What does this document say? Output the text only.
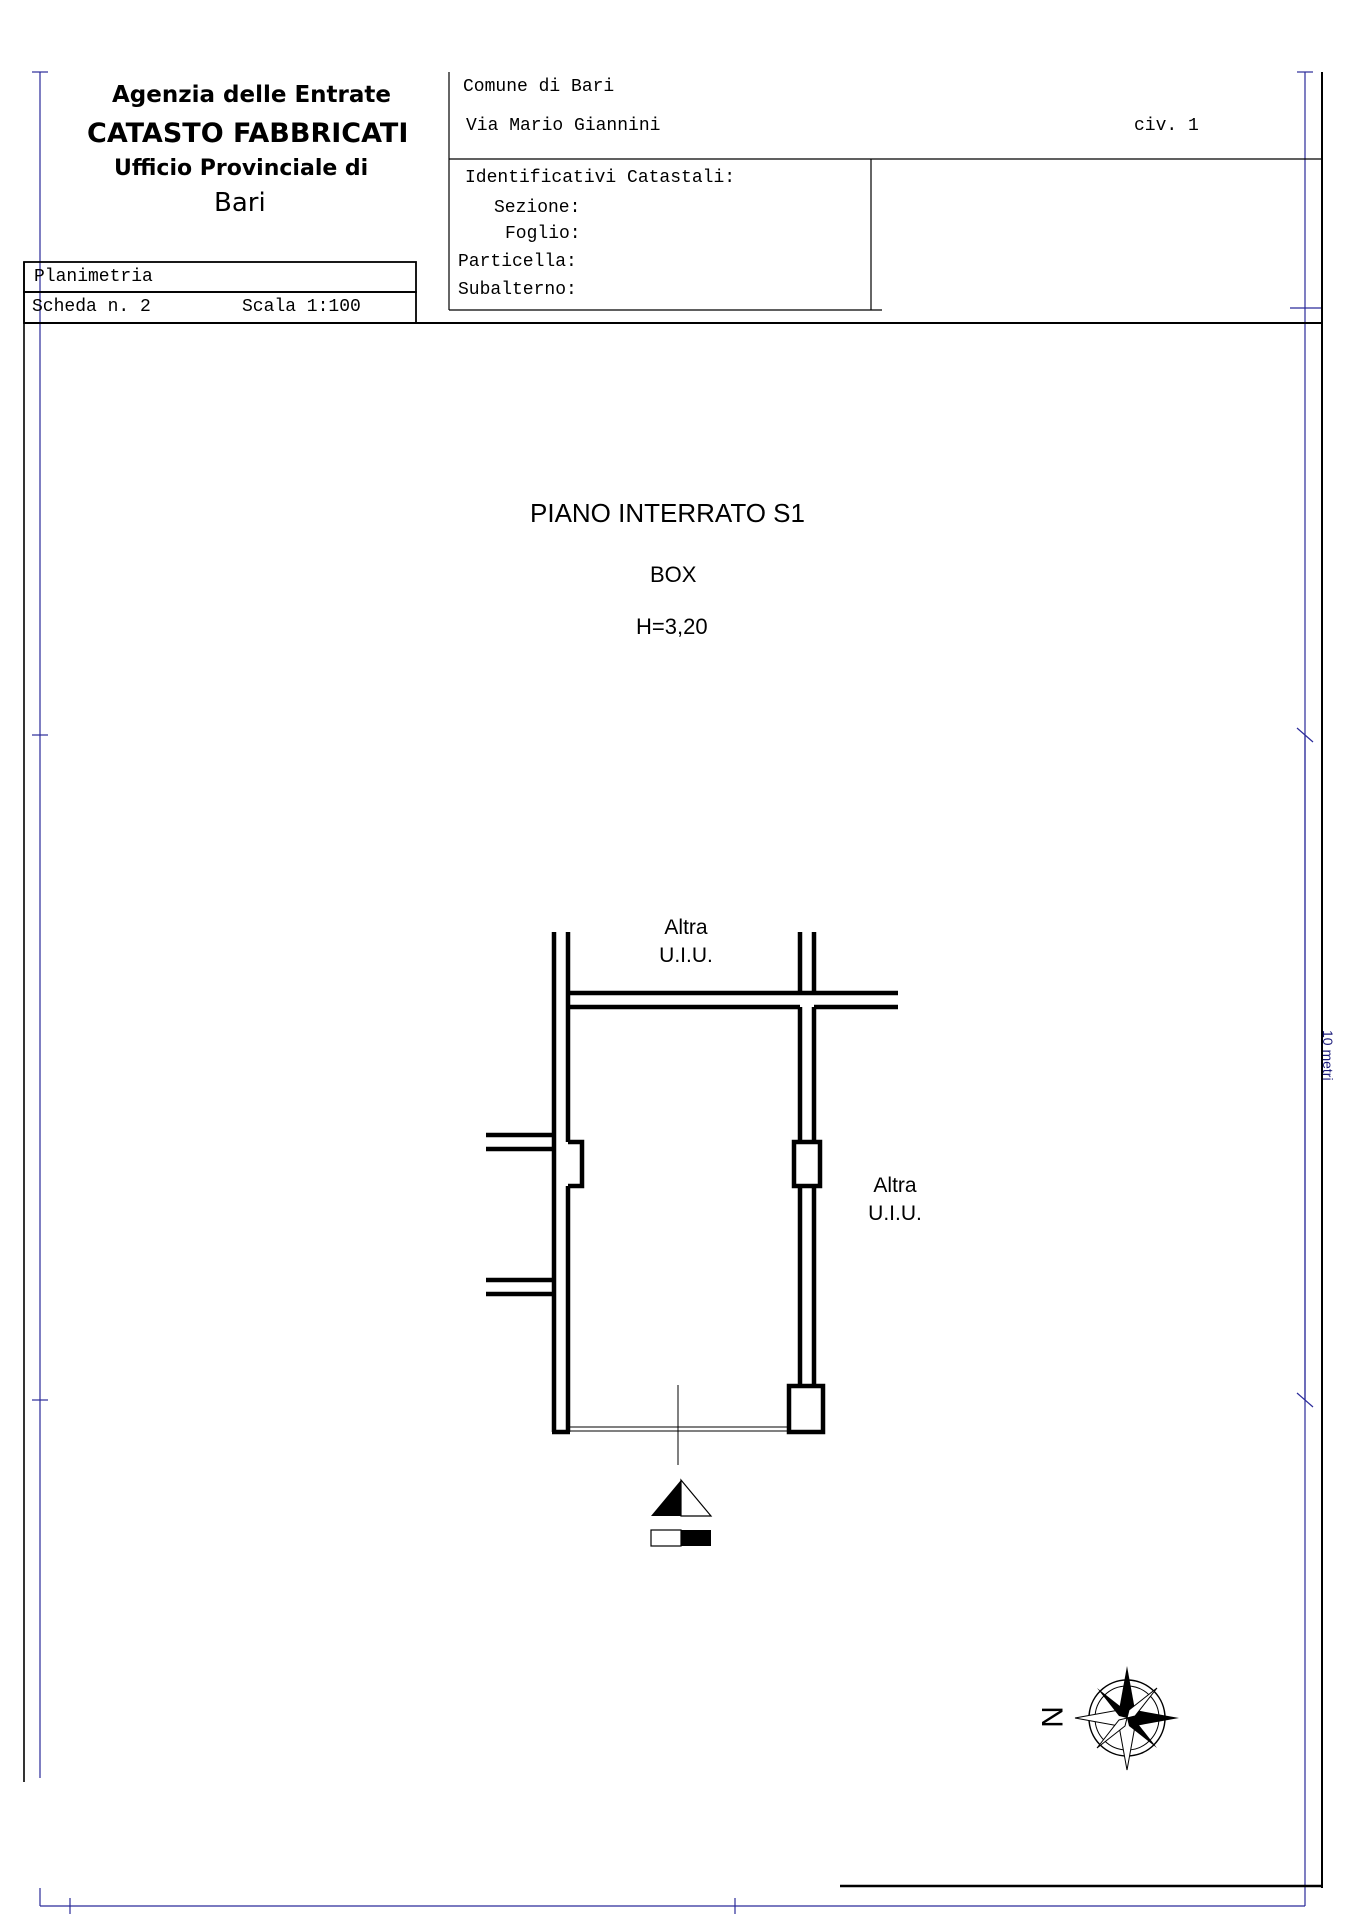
Agenzia delle Entrate
CATASTO FABBRICATI
Ufficio Provinciale di
Bari
Comune di Bari
Via Mario Giannini	civ. 1
Identificativi Catastali:
Sezione:
Foglio:
Particella:
Subalterno:
Planimetria
Scheda n. 2	Scala 1:100
PIANO INTERRATO S1
BOX
H=3,20
Altra
U.I.U.
Altra
U.I.U.
10 metri
N
